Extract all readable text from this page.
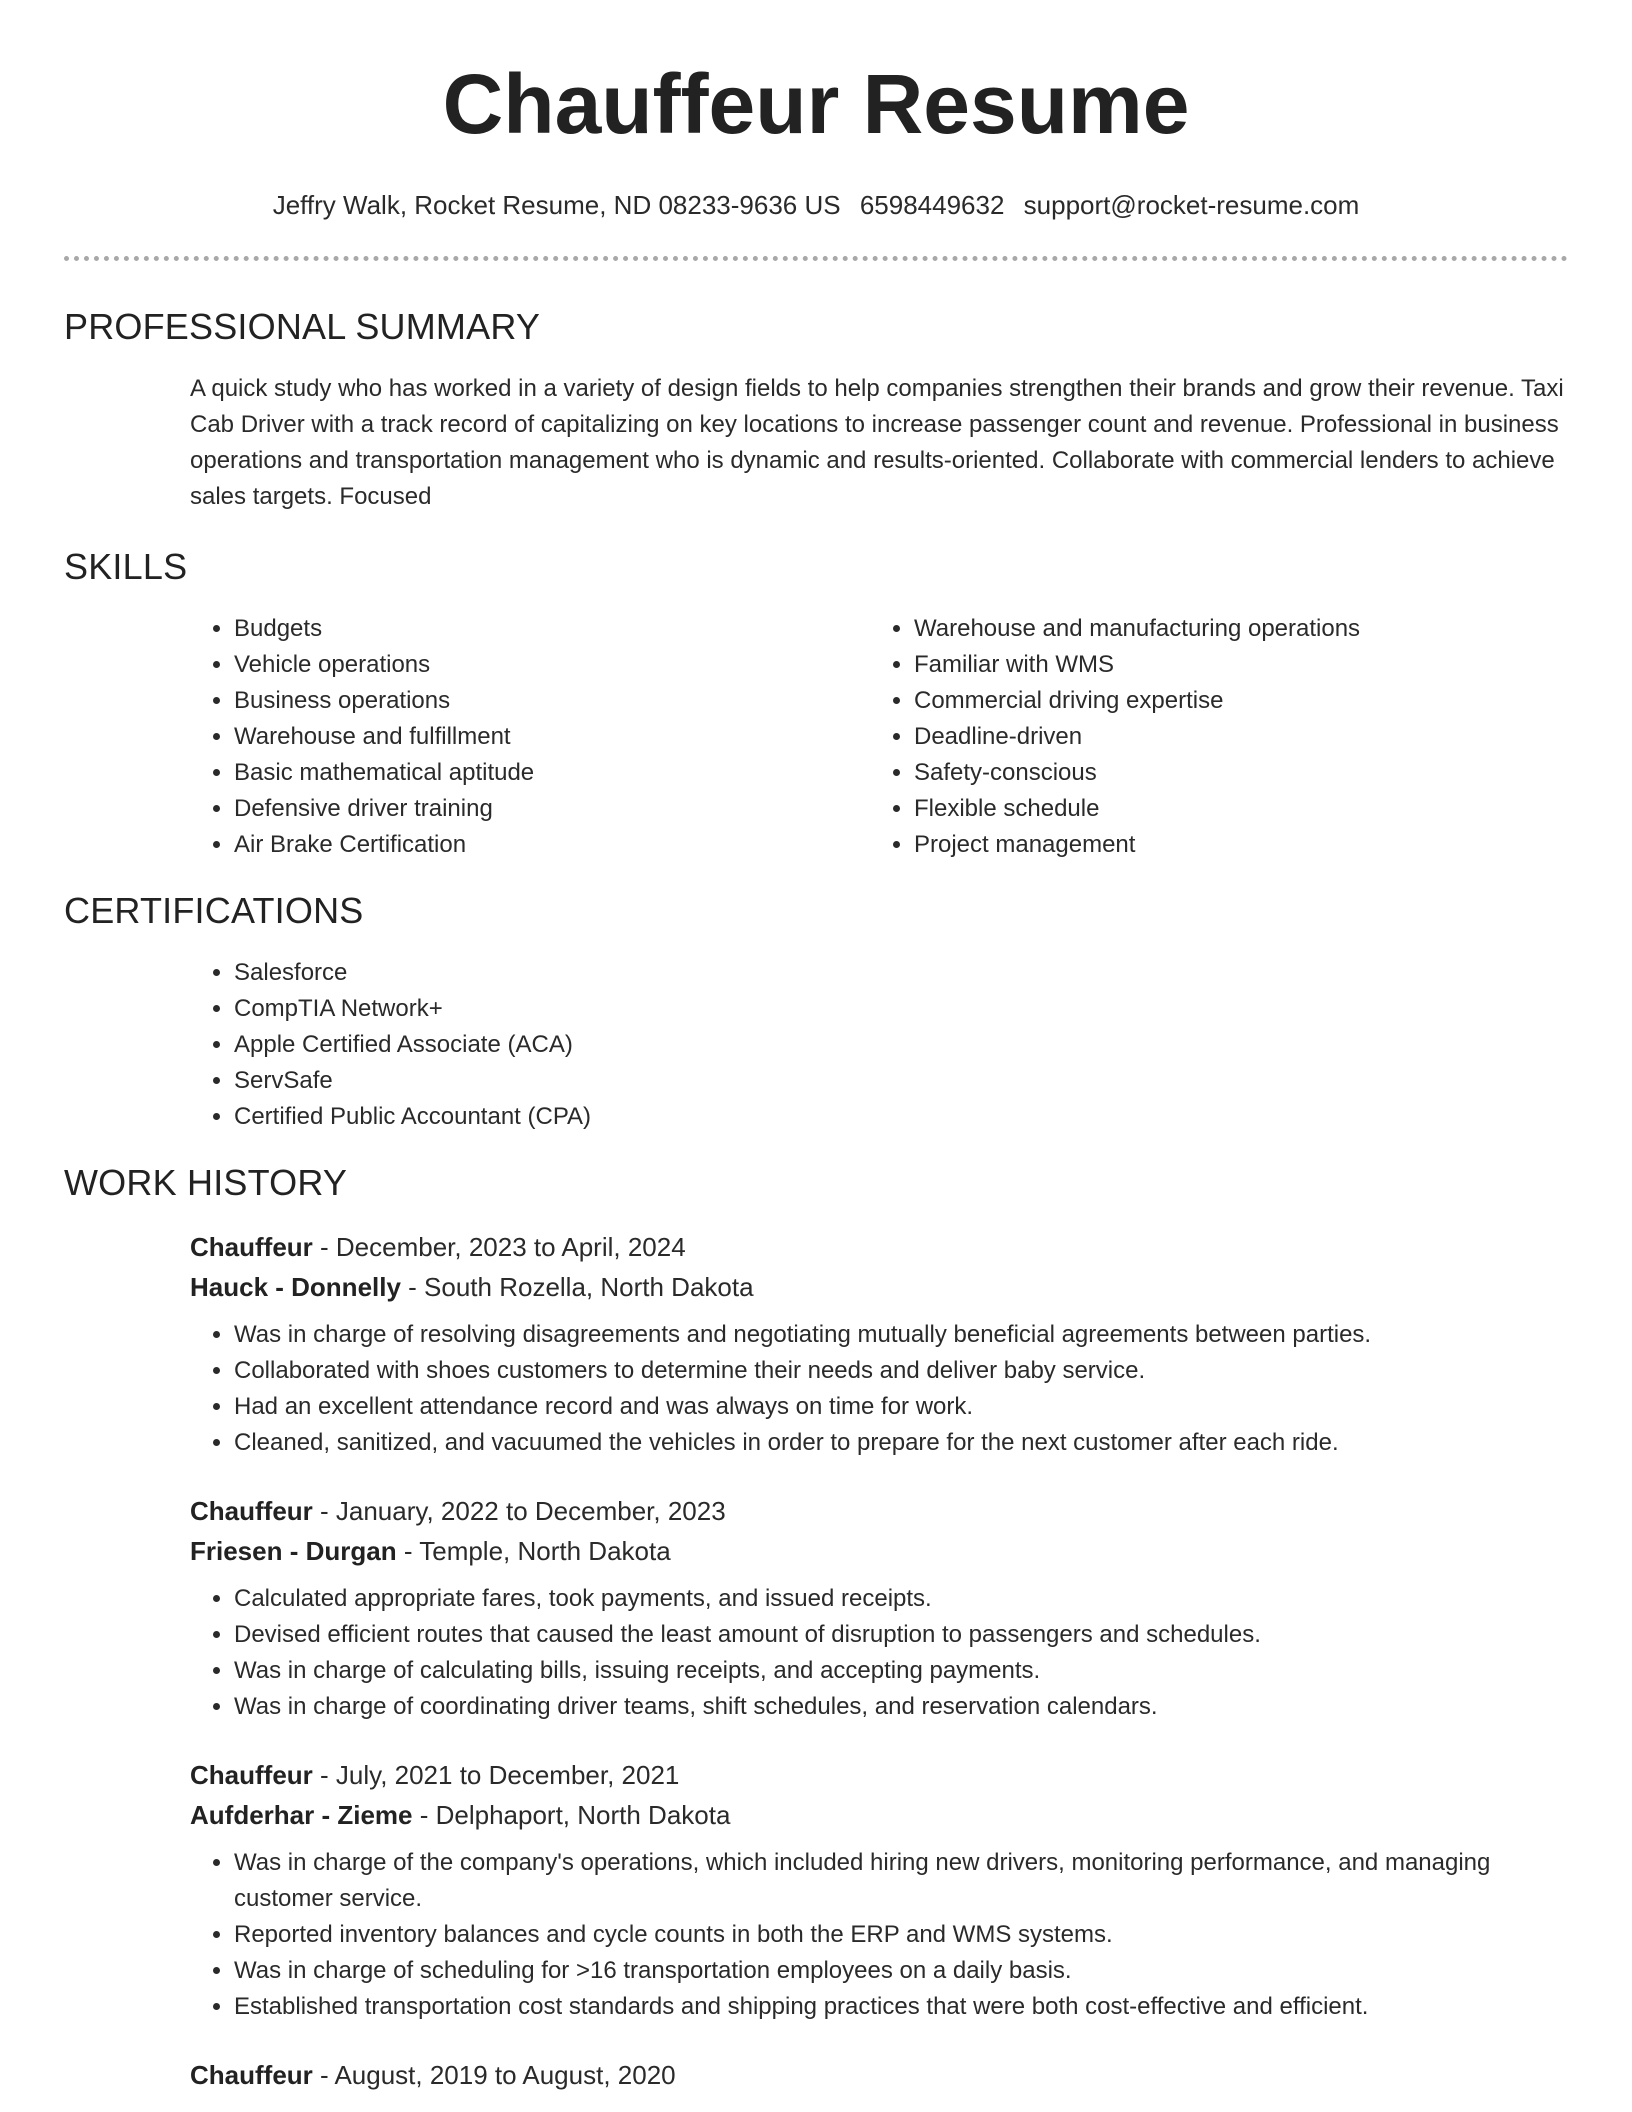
Chauffeur Resume
Jeffry Walk, Rocket Resume, ND 08233-9636 US 6598449632 support@rocket-resume.com
PROFESSIONAL SUMMARY

A quick study who has worked in a variety of design fields to help companies strengthen their brands and grow their revenue. Taxi Cab Driver with a track record of capitalizing on key locations to increase passenger count and revenue. Professional in business operations and transportation management who is dynamic and results-oriented. Collaborate with commercial lenders to achieve sales targets. Focused

SKILLS
• Budgets
• Vehicle operations
• Business operations
• Warehouse and fulfillment
• Basic mathematical aptitude
• Defensive driver training
• Air Brake Certification
• Warehouse and manufacturing operations
• Familiar with WMS
• Commercial driving expertise
• Deadline-driven
• Safety-conscious
• Flexible schedule
• Project management
CERTIFICATIONS
• Salesforce
• CompTIA Network+
• Apple Certified Associate (ACA)
• ServSafe
• Certified Public Accountant (CPA)
WORK HISTORY
Chauffeur - December, 2023 to April, 2024
Hauck - Donnelly - South Rozella, North Dakota
• Was in charge of resolving disagreements and negotiating mutually beneficial agreements between parties.
• Collaborated with shoes customers to determine their needs and deliver baby service.
• Had an excellent attendance record and was always on time for work.
• Cleaned, sanitized, and vacuumed the vehicles in order to prepare for the next customer after each ride.
Chauffeur - January, 2022 to December, 2023
Friesen - Durgan - Temple, North Dakota
• Calculated appropriate fares, took payments, and issued receipts.
• Devised efficient routes that caused the least amount of disruption to passengers and schedules.
• Was in charge of calculating bills, issuing receipts, and accepting payments.
• Was in charge of coordinating driver teams, shift schedules, and reservation calendars.
Chauffeur - July, 2021 to December, 2021
Aufderhar - Zieme - Delphaport, North Dakota
• Was in charge of the company's operations, which included hiring new drivers, monitoring performance, and managing customer service.
• Reported inventory balances and cycle counts in both the ERP and WMS systems.
• Was in charge of scheduling for >16 transportation employees on a daily basis.
• Established transportation cost standards and shipping practices that were both cost-effective and efficient.
Chauffeur - August, 2019 to August, 2020
